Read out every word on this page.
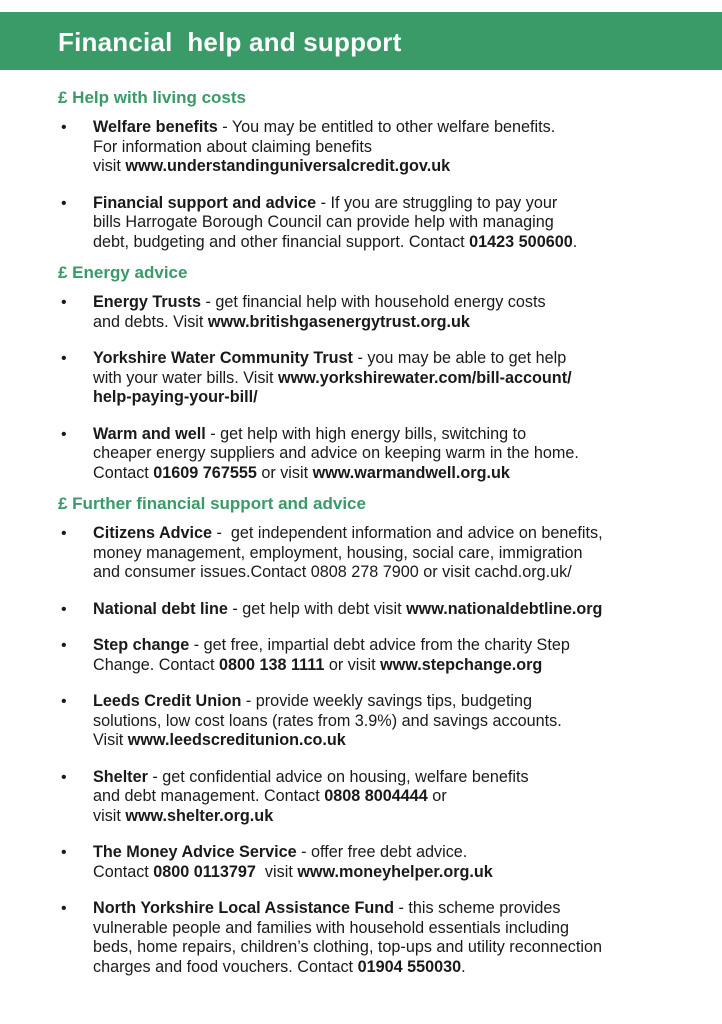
Financial  help and support
£ Help with living costs
• Welfare benefits - You may be entitled to other welfare benefits.
For information about claiming benefits
visit www.understandinguniversalcredit.gov.uk
• Financial support and advice - If you are struggling to pay your
bills Harrogate Borough Council can provide help with managing
debt, budgeting and other financial support. Contact 01423 500600.
£ Energy advice
• Energy Trusts - get financial help with household energy costs
and debts. Visit www.britishgasenergytrust.org.uk
• Yorkshire Water Community Trust - you may be able to get help
with your water bills. Visit www.yorkshirewater.com/bill-account/
help-paying-your-bill/
• Warm and well - get help with high energy bills, switching to
cheaper energy suppliers and advice on keeping warm in the home.
Contact 01609 767555 or visit www.warmandwell.org.uk
£ Further financial support and advice
• Citizens Advice -  get independent information and advice on benefits,
money management, employment, housing, social care, immigration
and consumer issues.Contact 0808 278 7900 or visit cachd.org.uk/
• National debt line - get help with debt visit www.nationaldebtline.org
• Step change - get free, impartial debt advice from the charity Step
Change. Contact 0800 138 1111 or visit www.stepchange.org
• Leeds Credit Union - provide weekly savings tips, budgeting
solutions, low cost loans (rates from 3.9%) and savings accounts.
Visit www.leedscreditunion.co.uk
• Shelter - get confidential advice on housing, welfare benefits
and debt management. Contact 0808 8004444 or
visit www.shelter.org.uk
• The Money Advice Service - offer free debt advice.
Contact 0800 0113797  visit www.moneyhelper.org.uk
• North Yorkshire Local Assistance Fund - this scheme provides
vulnerable people and families with household essentials including
beds, home repairs, children’s clothing, top-ups and utility reconnection
charges and food vouchers. Contact 01904 550030.
